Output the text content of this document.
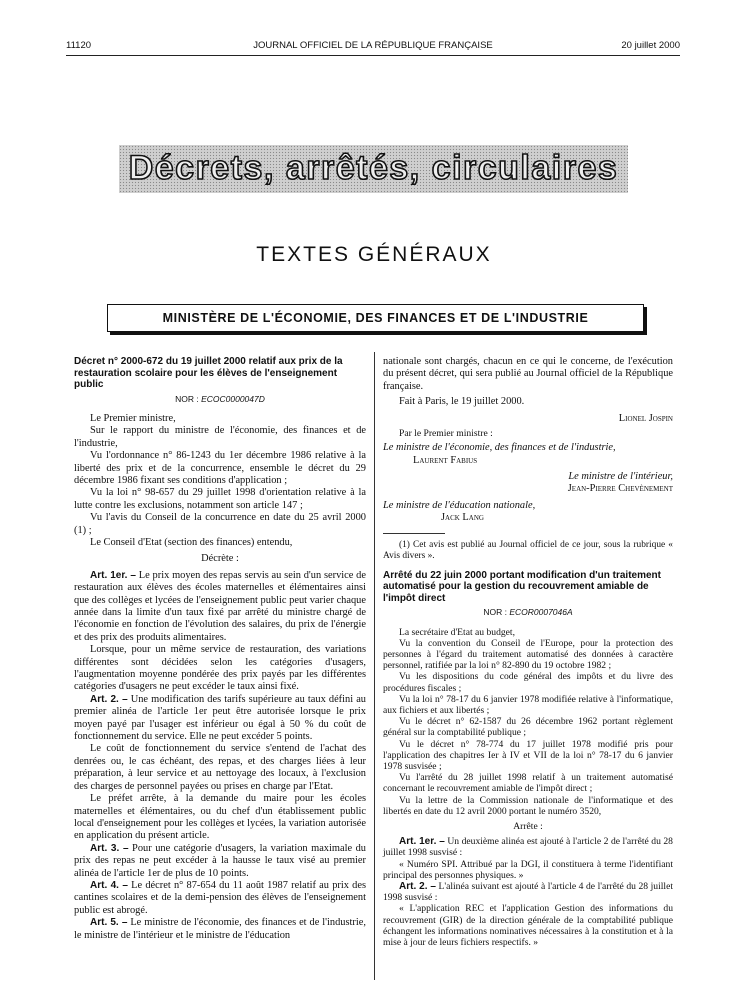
11120	JOURNAL OFFICIEL DE LA RÉPUBLIQUE FRANÇAISE	20 juillet 2000
Décrets, arrêtés, circulaires
TEXTES GÉNÉRAUX
MINISTÈRE DE L'ÉCONOMIE, DES FINANCES ET DE L'INDUSTRIE
Décret n° 2000-672 du 19 juillet 2000 relatif aux prix de la restauration scolaire pour les élèves de l'enseignement public
NOR : ECOC0000047D

Le Premier ministre,

Sur le rapport du ministre de l'économie, des finances et de l'industrie,

Vu l'ordonnance n° 86-1243 du 1er décembre 1986 relative à la liberté des prix et de la concurrence, ensemble le décret du 29 décembre 1986 fixant ses conditions d'application ;

Vu la loi n° 98-657 du 29 juillet 1998 d'orientation relative à la lutte contre les exclusions, notamment son article 147 ;

Vu l'avis du Conseil de la concurrence en date du 25 avril 2000 (1) ;

Le Conseil d'Etat (section des finances) entendu,

Décrète :

Art. 1er. – Le prix moyen des repas servis au sein d'un service de restauration aux élèves des écoles maternelles et élémentaires ainsi que des collèges et lycées de l'enseignement public peut varier chaque année dans la limite d'un taux fixé par arrêté du ministre chargé de l'économie en fonction de l'évolution des salaires, du prix de l'énergie et des prix des produits alimentaires.

Lorsque, pour un même service de restauration, des variations différentes sont décidées selon les catégories d'usagers, l'augmentation moyenne pondérée des prix payés par les différentes catégories d'usagers ne peut excéder le taux ainsi fixé.

Art. 2. – Une modification des tarifs supérieure au taux défini au premier alinéa de l'article 1er peut être autorisée lorsque le prix moyen payé par l'usager est inférieur ou égal à 50 % du coût de fonctionnement du service. Elle ne peut excéder 5 points.

Le coût de fonctionnement du service s'entend de l'achat des denrées ou, le cas échéant, des repas, et des charges liées à leur préparation, à leur service et au nettoyage des locaux, à l'exclusion des charges de personnel payées ou prises en charge par l'Etat.

Le préfet arrête, à la demande du maire pour les écoles maternelles et élémentaires, ou du chef d'un établissement public local d'enseignement pour les collèges et lycées, la variation autorisée en application du présent article.

Art. 3. – Pour une catégorie d'usagers, la variation maximale du prix des repas ne peut excéder à la hausse le taux visé au premier alinéa de l'article 1er de plus de 10 points.

Art. 4. – Le décret n° 87-654 du 11 août 1987 relatif au prix des cantines scolaires et de la demi-pension des élèves de l'enseignement public est abrogé.

Art. 5. – Le ministre de l'économie, des finances et de l'industrie, le ministre de l'intérieur et le ministre de l'éducation

nationale sont chargés, chacun en ce qui le concerne, de l'exécution du présent décret, qui sera publié au Journal officiel de la République française.

Fait à Paris, le 19 juillet 2000.

Lionel Jospin

Par le Premier ministre :

Le ministre de l'économie, des finances et de l'industrie,

Laurent Fabius

Le ministre de l'intérieur,

Jean-Pierre Chevènement

Le ministre de l'éducation nationale,

Jack Lang

(1) Cet avis est publié au Journal officiel de ce jour, sous la rubrique « Avis divers ».

Arrêté du 22 juin 2000 portant modification d'un traitement automatisé pour la gestion du recouvrement amiable de l'impôt direct
NOR : ECOR0007046A

La secrétaire d'Etat au budget,

Vu la convention du Conseil de l'Europe, pour la protection des personnes à l'égard du traitement automatisé des données à caractère personnel, ratifiée par la loi n° 82-890 du 19 octobre 1982 ;

Vu les dispositions du code général des impôts et du livre des procédures fiscales ;

Vu la loi n° 78-17 du 6 janvier 1978 modifiée relative à l'informatique, aux fichiers et aux libertés ;

Vu le décret n° 62-1587 du 26 décembre 1962 portant règlement général sur la comptabilité publique ;

Vu le décret n° 78-774 du 17 juillet 1978 modifié pris pour l'application des chapitres Ier à IV et VII de la loi n° 78-17 du 6 janvier 1978 susvisée ;

Vu l'arrêté du 28 juillet 1998 relatif à un traitement automatisé concernant le recouvrement amiable de l'impôt direct ;

Vu la lettre de la Commission nationale de l'informatique et des libertés en date du 12 avril 2000 portant le numéro 3520,

Arrête :

Art. 1er. – Un deuxième alinéa est ajouté à l'article 2 de l'arrêté du 28 juillet 1998 susvisé :

« Numéro SPI. Attribué par la DGI, il constituera à terme l'identifiant principal des personnes physiques. »

Art. 2. – L'alinéa suivant est ajouté à l'article 4 de l'arrêté du 28 juillet 1998 susvisé :

« L'application REC et l'application Gestion des informations du recouvrement (GIR) de la direction générale de la comptabilité publique échangent les informations nominatives nécessaires à la constitution et à la mise à jour de leurs fichiers respectifs. »
